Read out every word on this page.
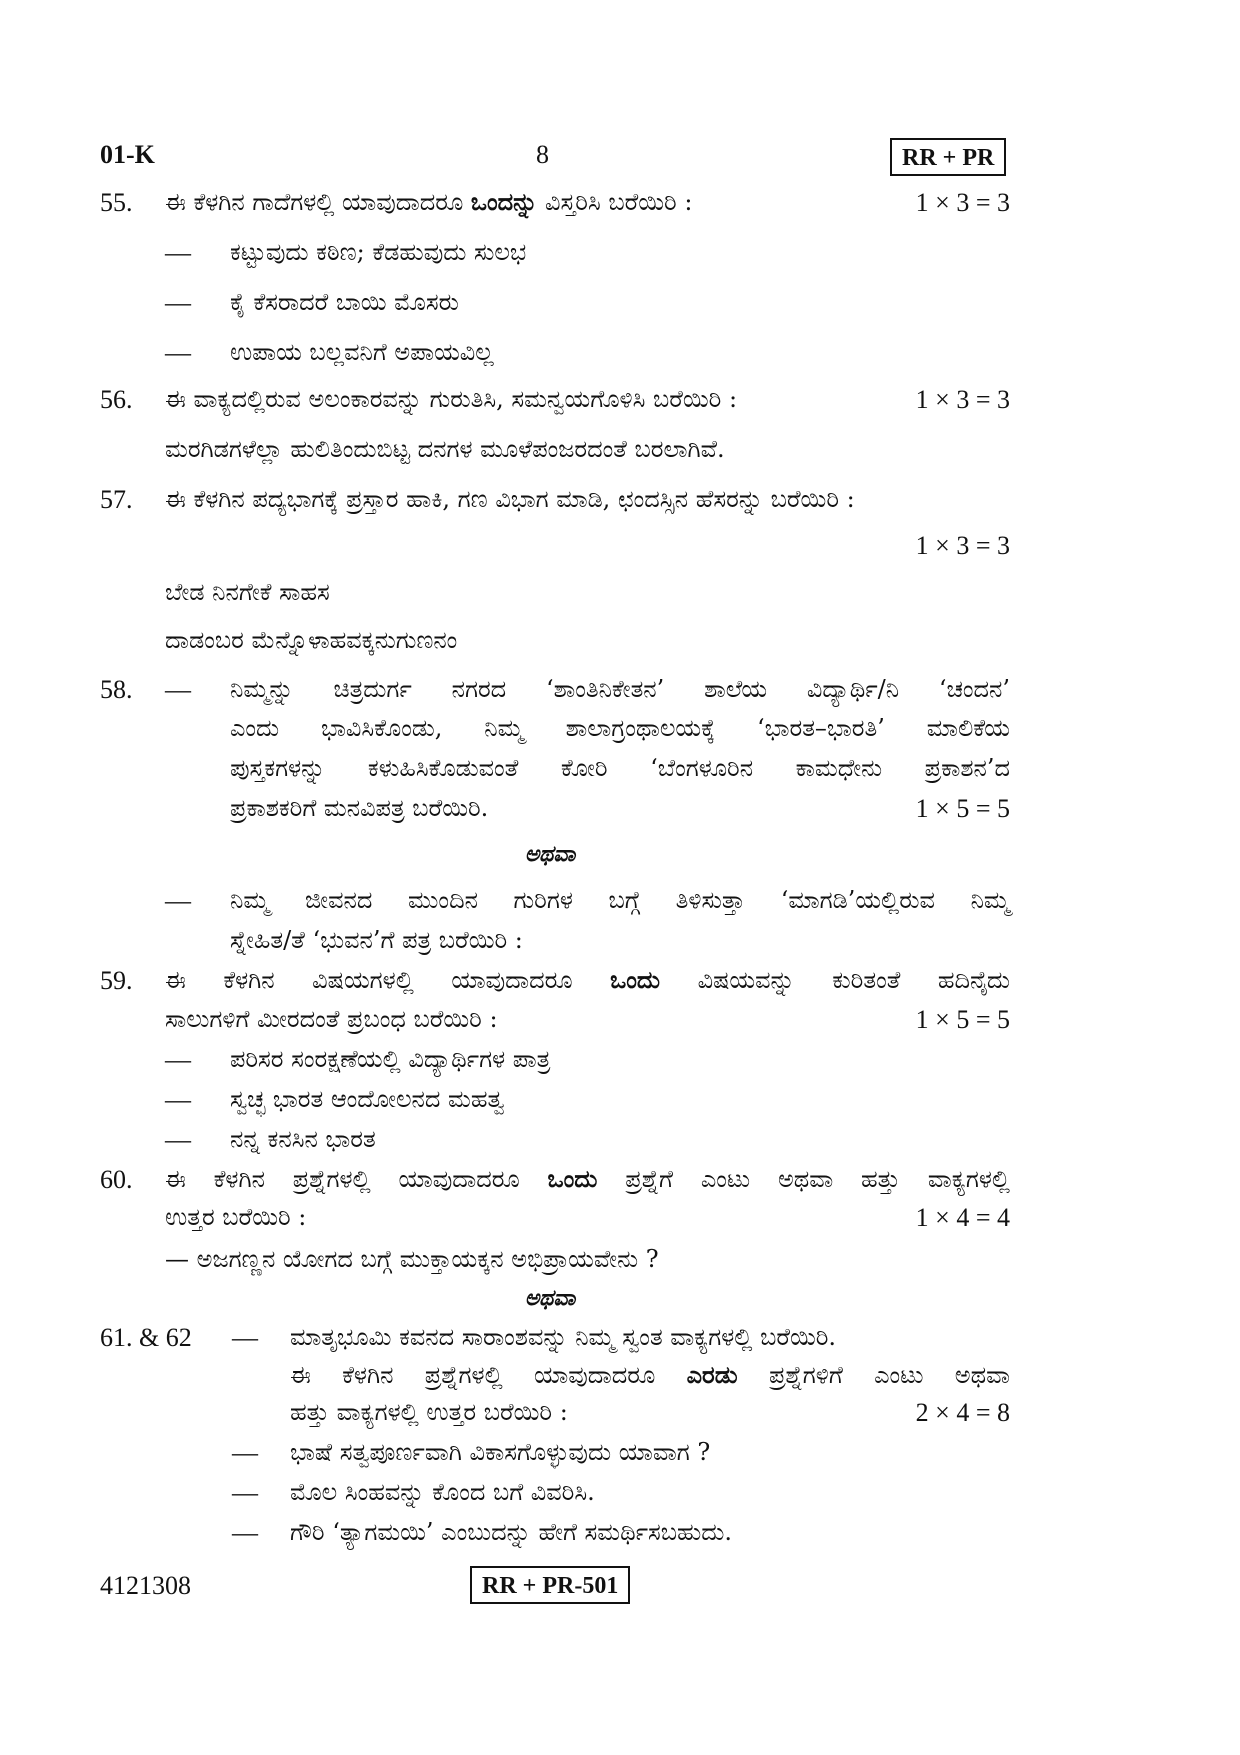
01-K	8	RR + PR
55. ಈ ಕೆಳಗಿನ ಗಾದೆಗಳಲ್ಲಿ ಯಾವುದಾದರೂ ಒಂದನ್ನು ವಿಸ್ತರಿಸಿ ಬರೆಯಿರಿ :	1 × 3 = 3
— ಕಟ್ಟುವುದು ಕಠಿಣ; ಕೆಡಹುವುದು ಸುಲಭ
— ಕೈ ಕೆಸರಾದರೆ ಬಾಯಿ ಮೊಸರು
— ಉಪಾಯ ಬಲ್ಲವನಿಗೆ ಅಪಾಯವಿಲ್ಲ
56. ಈ ವಾಕ್ಯದಲ್ಲಿರುವ ಅಲಂಕಾರವನ್ನು ಗುರುತಿಸಿ, ಸಮನ್ವಯಗೊಳಿಸಿ ಬರೆಯಿರಿ :	1 × 3 = 3
ಮರಗಿಡಗಳೆಲ್ಲಾ ಹುಲಿತಿಂದುಬಿಟ್ಟ ದನಗಳ ಮೂಳೆಪಂಜರದಂತೆ ಬರಲಾಗಿವೆ.
57. ಈ ಕೆಳಗಿನ ಪದ್ಯಭಾಗಕ್ಕೆ ಪ್ರಸ್ತಾರ ಹಾಕಿ, ಗಣ ವಿಭಾಗ ಮಾಡಿ, ಛಂದಸ್ಸಿನ ಹೆಸರನ್ನು ಬರೆಯಿರಿ :
1 × 3 = 3
ಬೇಡ ನಿನಗೇಕೆ ಸಾಹಸ
ದಾಡಂಬರ ಮೆನ್ನೊಳಾಹವಕ್ಕನುಗುಣನಂ
58. — ನಿಮ್ಮನ್ನು ಚಿತ್ರದುರ್ಗ ನಗರದ ‘ಶಾಂತಿನಿಕೇತನ’ ಶಾಲೆಯ ವಿದ್ಯಾರ್ಥಿ/ನಿ ‘ಚಂದನ’
ಎಂದು ಭಾವಿಸಿಕೊಂಡು, ನಿಮ್ಮ ಶಾಲಾಗ್ರಂಥಾಲಯಕ್ಕೆ ‘ಭಾರತ–ಭಾರತಿ’ ಮಾಲಿಕೆಯ
ಪುಸ್ತಕಗಳನ್ನು ಕಳುಹಿಸಿಕೊಡುವಂತೆ ಕೋರಿ ‘ಬೆಂಗಳೂರಿನ ಕಾಮಧೇನು ಪ್ರಕಾಶನ’ದ
ಪ್ರಕಾಶಕರಿಗೆ ಮನವಿಪತ್ರ ಬರೆಯಿರಿ.	1 × 5 = 5
ಅಥವಾ
— ನಿಮ್ಮ ಜೀವನದ ಮುಂದಿನ ಗುರಿಗಳ ಬಗ್ಗೆ ತಿಳಿಸುತ್ತಾ ‘ಮಾಗಡಿ’ಯಲ್ಲಿರುವ ನಿಮ್ಮ
ಸ್ನೇಹಿತ/ತೆ ‘ಭುವನ’ಗೆ ಪತ್ರ ಬರೆಯಿರಿ :
59. ಈ ಕೆಳಗಿನ ವಿಷಯಗಳಲ್ಲಿ ಯಾವುದಾದರೂ ಒಂದು ವಿಷಯವನ್ನು ಕುರಿತಂತೆ ಹದಿನೈದು
ಸಾಲುಗಳಿಗೆ ಮೀರದಂತೆ ಪ್ರಬಂಧ ಬರೆಯಿರಿ :	1 × 5 = 5
— ಪರಿಸರ ಸಂರಕ್ಷಣೆಯಲ್ಲಿ ವಿದ್ಯಾರ್ಥಿಗಳ ಪಾತ್ರ
— ಸ್ವಚ್ಛ ಭಾರತ ಆಂದೋಲನದ ಮಹತ್ವ
— ನನ್ನ ಕನಸಿನ ಭಾರತ
60. ಈ ಕೆಳಗಿನ ಪ್ರಶ್ನೆಗಳಲ್ಲಿ ಯಾವುದಾದರೂ ಒಂದು ಪ್ರಶ್ನೆಗೆ ಎಂಟು ಅಥವಾ ಹತ್ತು ವಾಕ್ಯಗಳಲ್ಲಿ
ಉತ್ತರ ಬರೆಯಿರಿ :	1 × 4 = 4
— ಅಜಗಣ್ಣನ ಯೋಗದ ಬಗ್ಗೆ ಮುಕ್ತಾಯಕ್ಕನ ಅಭಿಪ್ರಾಯವೇನು ?
ಅಥವಾ
61. & 62 — ಮಾತೃಭೂಮಿ ಕವನದ ಸಾರಾಂಶವನ್ನು ನಿಮ್ಮ ಸ್ವಂತ ವಾಕ್ಯಗಳಲ್ಲಿ ಬರೆಯಿರಿ.
ಈ ಕೆಳಗಿನ ಪ್ರಶ್ನೆಗಳಲ್ಲಿ ಯಾವುದಾದರೂ ಎರಡು ಪ್ರಶ್ನೆಗಳಿಗೆ ಎಂಟು ಅಥವಾ
ಹತ್ತು ವಾಕ್ಯಗಳಲ್ಲಿ ಉತ್ತರ ಬರೆಯಿರಿ :	2 × 4 = 8
— ಭಾಷೆ ಸತ್ವಪೂರ್ಣವಾಗಿ ವಿಕಾಸಗೊಳ್ಳುವುದು ಯಾವಾಗ ?
— ಮೊಲ ಸಿಂಹವನ್ನು ಕೊಂದ ಬಗೆ ವಿವರಿಸಿ.
— ಗೌರಿ ‘ತ್ಯಾಗಮಯಿ’ ಎಂಬುದನ್ನು ಹೇಗೆ ಸಮರ್ಥಿಸಬಹುದು.
4121308	RR + PR-501
